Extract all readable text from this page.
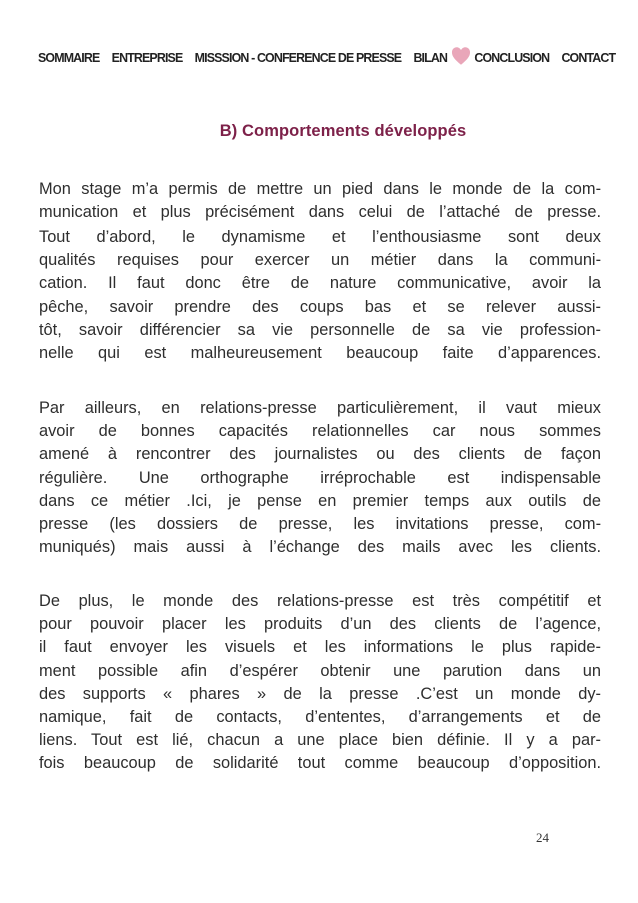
SOMMAIRE ENTREPRISE MISSSION - CONFERENCE DE PRESSE BILAN CONCLUSION CONTACT
B) Comportements développés
Mon stage m’a permis de mettre un pied dans le monde de la com-
munication et plus précisément dans celui de l’attaché de presse.
Tout d’abord, le dynamisme et l’enthousiasme sont deux
qualités requises pour exercer un métier dans la communi-
cation. Il faut donc être de nature communicative, avoir la
pêche, savoir prendre des coups bas et se relever aussi-
tôt, savoir différencier sa vie personnelle de sa vie profession-
nelle qui est malheureusement beaucoup faite d’apparences.
Par ailleurs, en relations-presse particulièrement, il vaut mieux
avoir de bonnes capacités relationnelles car nous sommes
amené à rencontrer des journalistes ou des clients de façon
régulière. Une orthographe irréprochable est indispensable
dans ce métier .Ici, je pense en premier temps aux outils de
presse (les dossiers de presse, les invitations presse, com-
muniqués) mais aussi à l’échange des mails avec les clients.
De plus, le monde des relations-presse est très compétitif et
pour pouvoir placer les produits d’un des clients de l’agence,
il faut envoyer les visuels et les informations le plus rapide-
ment possible afin d’espérer obtenir une parution dans un
des supports « phares » de la presse .C’est un monde dy-
namique, fait de contacts, d’ententes, d’arrangements et de
liens. Tout est lié, chacun a une place bien définie. Il y a par-
fois beaucoup de solidarité tout comme beaucoup d’opposition.
24
